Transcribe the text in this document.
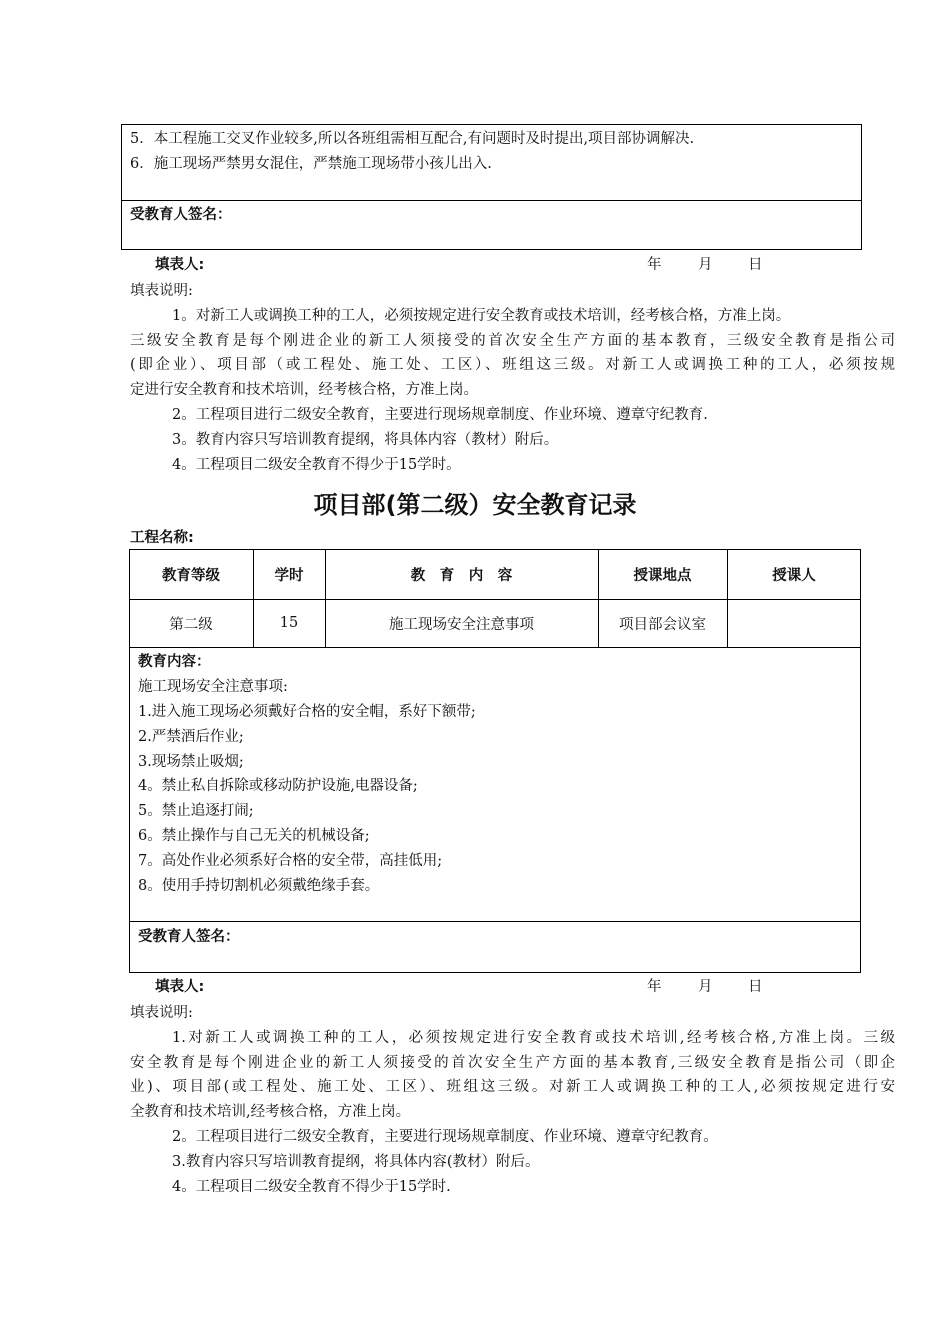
5．本工程施工交叉作业较多,所以各班组需相互配合,有问题时及时提出,项目部协调解决.
6．施工现场严禁男女混住，严禁施工现场带小孩儿出入.
受教育人签名：
填表人:	年	月 日
填表说明:
1。对新工人或调换工种的工人，必须按规定进行安全教育或技术培训，经考核合格，方准上岗。
三级安全教育是每个刚进企业的新工人须接受的首次安全生产方面的基本教育，三级安全教育是指公司
(即企业）、项目部（或工程处、施工处、工区）、班组这三级。对新工人或调换工种的工人，必须按规
定进行安全教育和技术培训，经考核合格，方准上岗。
2。工程项目进行二级安全教育，主要进行现场规章制度、作业环境、遵章守纪教育.
3。教育内容只写培训教育提纲，将具体内容（教材）附后。
4。工程项目二级安全教育不得少于15学时。
项目部(第二级）安全教育记录
工程名称:
教育等级	学时	教　育　内　容	授课地点	授课人
第二级	15	施工现场安全注意事项	项目部会议室
教育内容：
施工现场安全注意事项:
1.进入施工现场必须戴好合格的安全帽，系好下额带;
2.严禁酒后作业;
3.现场禁止吸烟;
4。禁止私自拆除或移动防护设施,电器设备;
5。禁止追逐打闹;
6。禁止操作与自己无关的机械设备;
7。高处作业必须系好合格的安全带，高挂低用;
8。使用手持切割机必须戴绝缘手套。
受教育人签名：
填表人:	年	月 日
填表说明:
1.对新工人或调换工种的工人，必须按规定进行安全教育或技术培训,经考核合格,方准上岗。三级
安全教育是每个刚进企业的新工人须接受的首次安全生产方面的基本教育,三级安全教育是指公司（即企
业)、项目部(或工程处、施工处、工区）、班组这三级。对新工人或调换工种的工人,必须按规定进行安
全教育和技术培训,经考核合格，方准上岗。
2。工程项目进行二级安全教育，主要进行现场规章制度、作业环境、遵章守纪教育。
3.教育内容只写培训教育提纲，将具体内容(教材）附后。
4。工程项目二级安全教育不得少于15学时.
